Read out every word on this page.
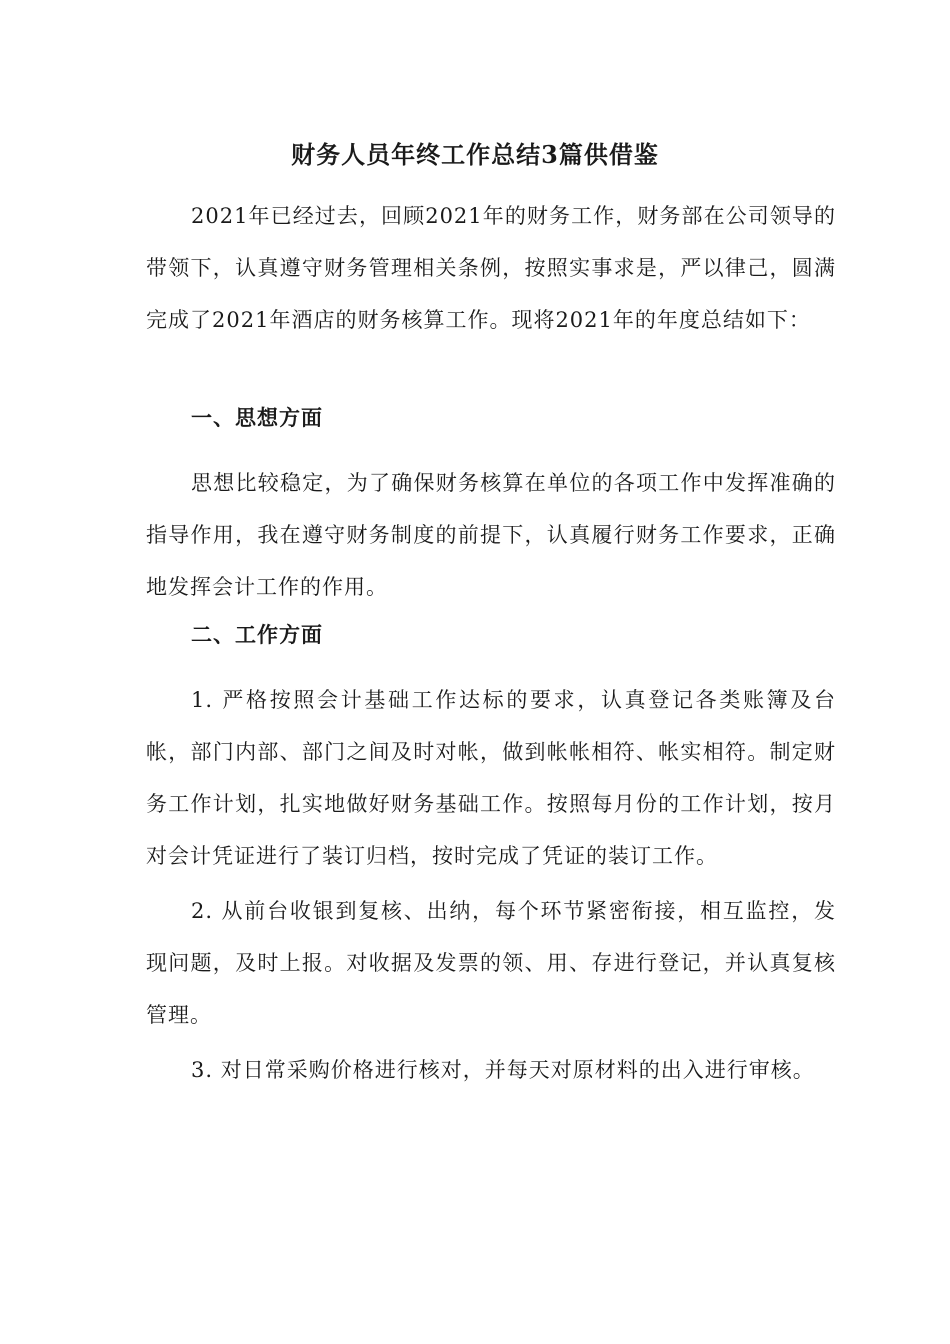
财务人员年终工作总结3篇供借鉴

2021年已经过去，回顾2021年的财务工作，财务部在公司领导的带领下，认真遵守财务管理相关条例，按照实事求是，严以律己，圆满完成了2021年酒店的财务核算工作。现将2021年的年度总结如下：

一、思想方面

思想比较稳定，为了确保财务核算在单位的各项工作中发挥准确的指导作用，我在遵守财务制度的前提下，认真履行财务工作要求，正确地发挥会计工作的作用。

二、工作方面

1. 严格按照会计基础工作达标的要求，认真登记各类账簿及台帐，部门内部、部门之间及时对帐，做到帐帐相符、帐实相符。制定财务工作计划，扎实地做好财务基础工作。按照每月份的工作计划，按月对会计凭证进行了装订归档，按时完成了凭证的装订工作。

2. 从前台收银到复核、出纳，每个环节紧密衔接，相互监控，发现问题，及时上报。对收据及发票的领、用、存进行登记，并认真复核管理。

3. 对日常采购价格进行核对，并每天对原材料的出入进行审核。
